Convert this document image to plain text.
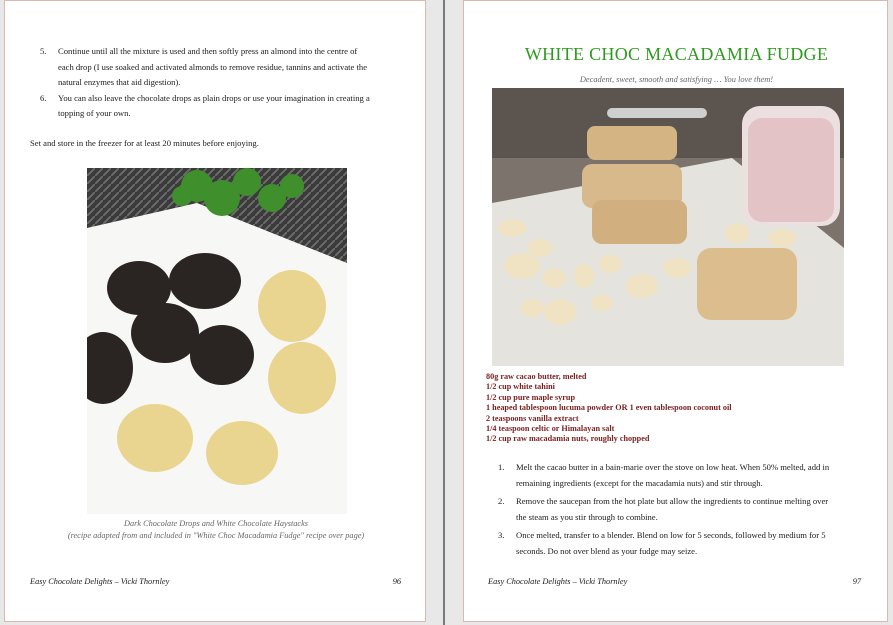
5. Continue until all the mixture is used and then softly press an almond into the centre of
each drop (I use soaked and activated almonds to remove residue, tannins and activate the
natural enzymes that aid digestion).
6. You can also leave the chocolate drops as plain drops or use your imagination in creating a
topping of your own.
Set and store in the freezer for at least 20 minutes before enjoying.
Dark Chocolate Drops and White Chocolate Haystacks
(recipe adapted from and included in "White Choc Macadamia Fudge" recipe over page)
Easy Chocolate Delights – Vicki Thornley	96
WHITE CHOC MACADAMIA FUDGE
Decadent, sweet, smooth and satisfying … You love them!
80g raw cacao butter, melted
1/2 cup white tahini
1/2 cup pure maple syrup
1 heaped tablespoon lucuma powder OR 1 even tablespoon coconut oil
2 teaspoons vanilla extract
1/4 teaspoon celtic or Himalayan salt
1/2 cup raw macadamia nuts, roughly chopped
1. Melt the cacao butter in a bain-marie over the stove on low heat. When 50% melted, add in
remaining ingredients (except for the macadamia nuts) and stir through.
2. Remove the saucepan from the hot plate but allow the ingredients to continue melting over
the steam as you stir through to combine.
3. Once melted, transfer to a blender. Blend on low for 5 seconds, followed by medium for 5
seconds. Do not over blend as your fudge may seize.
Easy Chocolate Delights – Vicki Thornley	97
